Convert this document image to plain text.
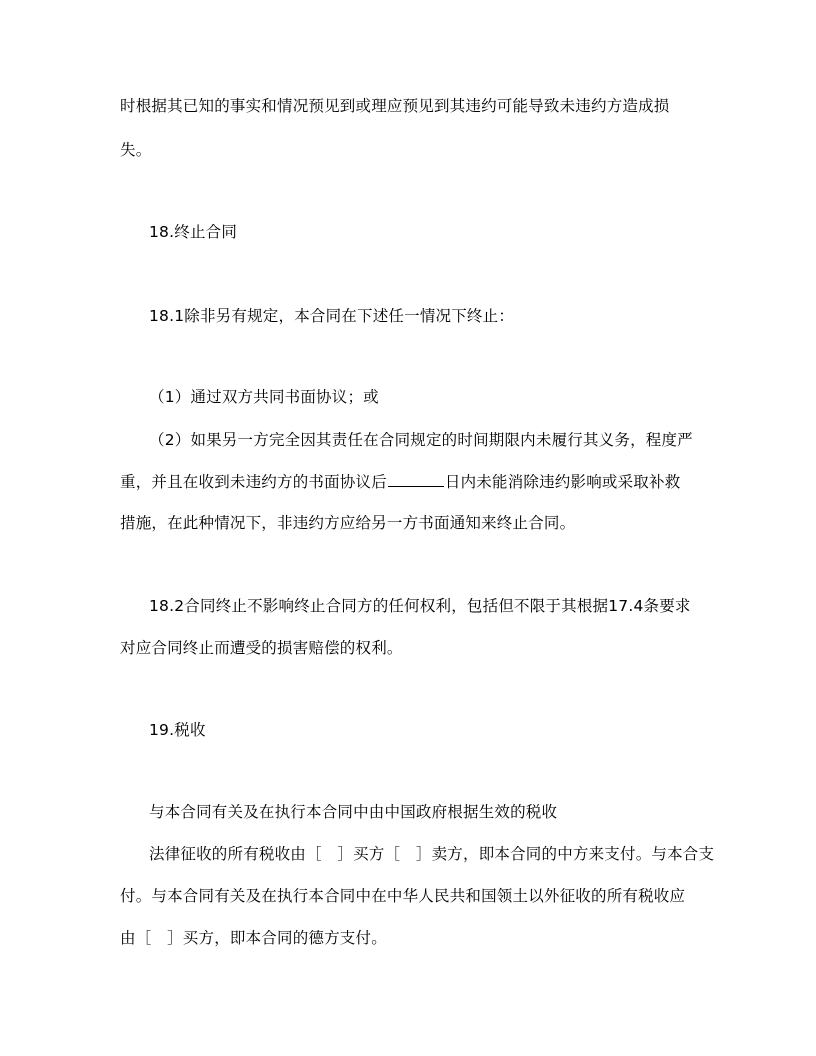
时根据其已知的事实和情况预见到或理应预见到其违约可能导致未违约方造成损
失。
18.终止合同
18.1除非另有规定，本合同在下述任一情况下终止：
（1）通过双方共同书面协议；或
（2）如果另一方完全因其责任在合同规定的时间期限内未履行其义务，程度严
重，并且在收到未违约方的书面协议后	日内未能消除违约影响或采取补救
措施，在此种情况下，非违约方应给另一方书面通知来终止合同。
18.2合同终止不影响终止合同方的任何权利，包括但不限于其根据17.4条要求
对应合同终止而遭受的损害赔偿的权利。
19.税收
与本合同有关及在执行本合同中由中国政府根据生效的税收
法律征收的所有税收由［　］买方［　］卖方，即本合同的中方来支付。与本合支
付。与本合同有关及在执行本合同中在中华人民共和国领土以外征收的所有税收应
由［　］买方，即本合同的德方支付。
